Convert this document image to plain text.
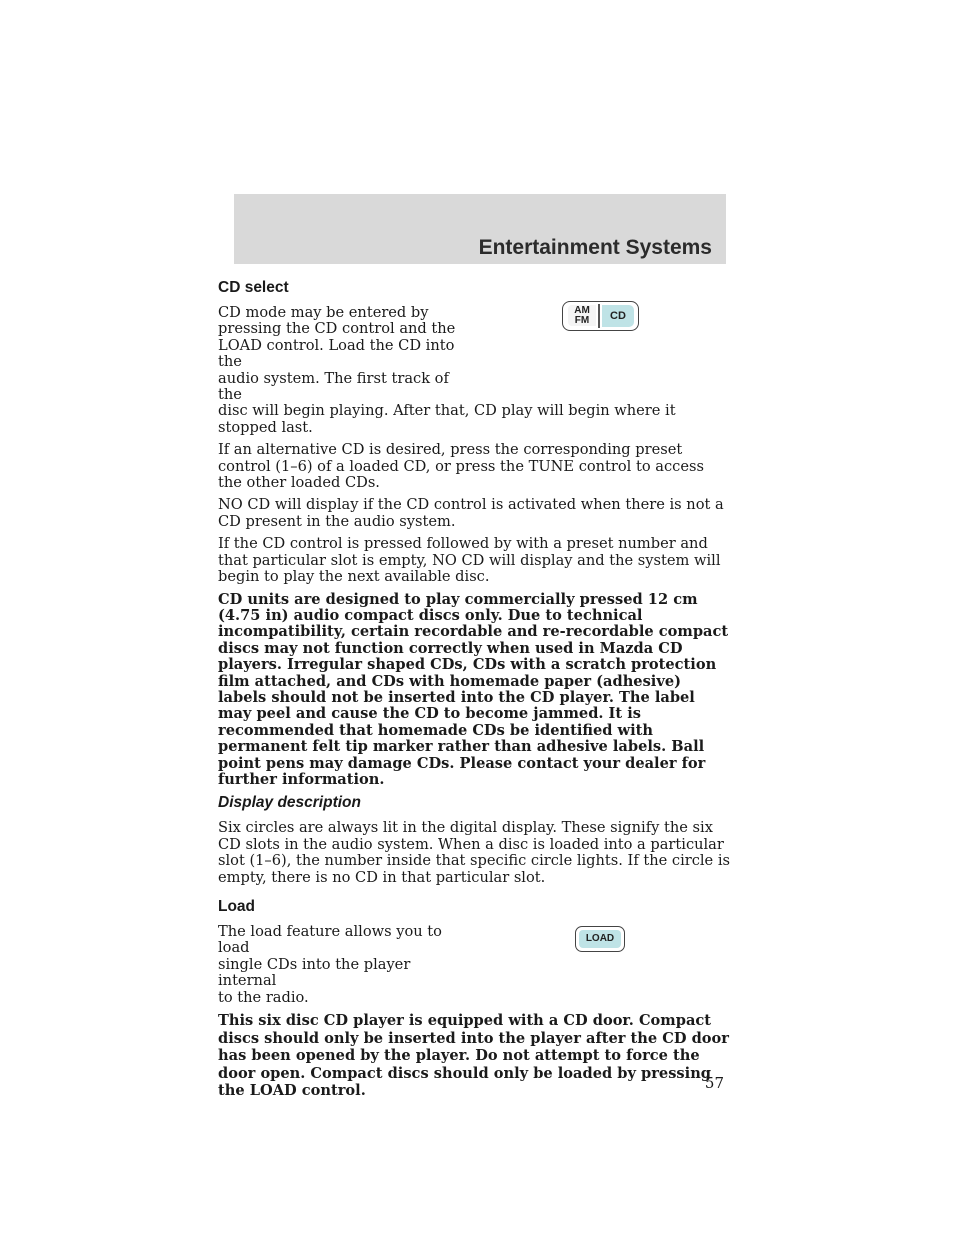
Entertainment Systems
CD select
CD mode may be entered by
pressing the CD control and the
LOAD control. Load the CD into the
audio system. The first track of the
AM
FM	CD

disc will begin playing. After that, CD play will begin where it stopped last.

If an alternative CD is desired, press the corresponding preset control (1–6) of a loaded CD, or press the TUNE control to access the other loaded CDs.

NO CD will display if the CD control is activated when there is not a CD present in the audio system.

If the CD control is pressed followed by with a preset number and that particular slot is empty, NO CD will display and the system will begin to play the next available disc.

CD units are designed to play commercially pressed 12 cm (4.75 in) audio compact discs only. Due to technical incompatibility, certain recordable and re-recordable compact discs may not function correctly when used in Mazda CD players. Irregular shaped CDs, CDs with a scratch protection film attached, and CDs with homemade paper (adhesive) labels should not be inserted into the CD player. The label may peel and cause the CD to become jammed. It is recommended that homemade CDs be identified with permanent felt tip marker rather than adhesive labels. Ball point pens may damage CDs. Please contact your dealer for further information.

Display description

Six circles are always lit in the digital display. These signify the six CD slots in the audio system. When a disc is loaded into a particular slot (1–6), the number inside that specific circle lights. If the circle is empty, there is no CD in that particular slot.

Load
The load feature allows you to load
single CDs into the player internal
to the radio.
LOAD

This six disc CD player is equipped with a CD door. Compact discs should only be inserted into the player after the CD door has been opened by the player. Do not attempt to force the door open. Compact discs should only be loaded by pressing the LOAD control.	57
